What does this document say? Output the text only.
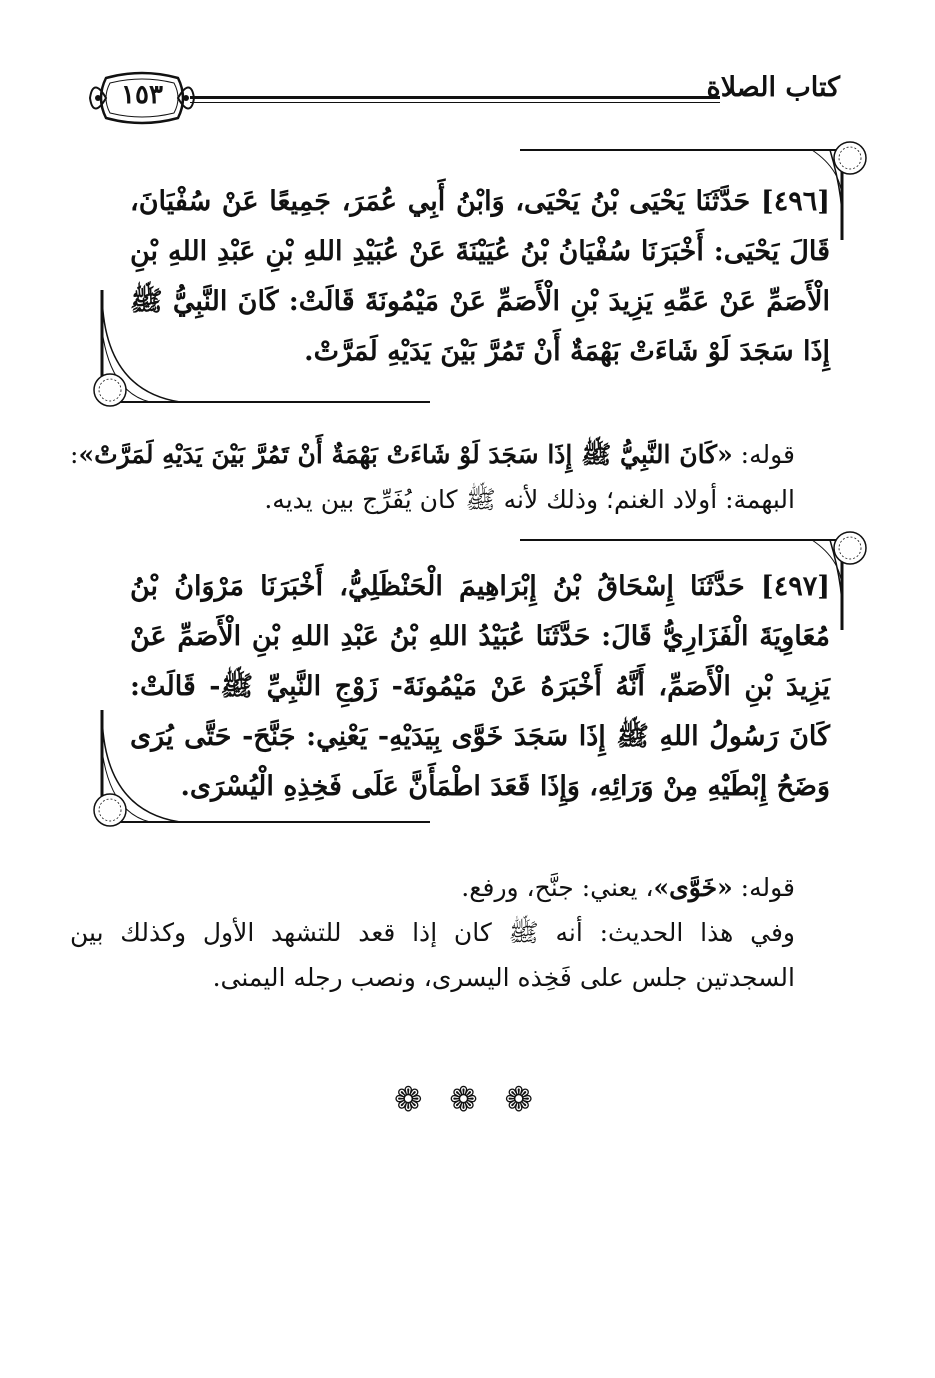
كتاب الصلاة
١٥٣
[٤٩٦] حَدَّثَنَا يَحْيَى بْنُ يَحْيَى، وَابْنُ أَبِي عُمَرَ، جَمِيعًا عَنْ سُفْيَانَ، قَالَ يَحْيَى: أَخْبَرَنَا سُفْيَانُ بْنُ عُيَيْنَةَ عَنْ عُبَيْدِ اللهِ بْنِ عَبْدِ اللهِ بْنِ الْأَصَمِّ عَنْ عَمِّهِ يَزِيدَ بْنِ الْأَصَمِّ عَنْ مَيْمُونَةَ قَالَتْ: كَانَ النَّبِيُّ ﷺ إِذَا سَجَدَ لَوْ شَاءَتْ بَهْمَةٌ أَنْ تَمُرَّ بَيْنَ يَدَيْهِ لَمَرَّتْ.

قوله: «كَانَ النَّبِيُّ ﷺ إِذَا سَجَدَ لَوْ شَاءَتْ بَهْمَةٌ أَنْ تَمُرَّ بَيْنَ يَدَيْهِ لَمَرَّتْ»: البهمة: أولاد الغنم؛ وذلك لأنه ﷺ كان يُفَرِّج بين يديه.

[٤٩٧] حَدَّثَنَا إِسْحَاقُ بْنُ إِبْرَاهِيمَ الْحَنْظَلِيُّ، أَخْبَرَنَا مَرْوَانُ بْنُ مُعَاوِيَةَ الْفَزَارِيُّ قَالَ: حَدَّثَنَا عُبَيْدُ اللهِ بْنُ عَبْدِ اللهِ بْنِ الْأَصَمِّ عَنْ يَزِيدَ بْنِ الْأَصَمِّ، أَنَّهُ أَخْبَرَهُ عَنْ مَيْمُونَةَ- زَوْجِ النَّبِيِّ ﷺ- قَالَتْ: كَانَ رَسُولُ اللهِ ﷺ إِذَا سَجَدَ خَوَّى بِيَدَيْهِ- يَعْنِي: جَنَّحَ- حَتَّى يُرَى وَضَحُ إِبْطَيْهِ مِنْ وَرَائِهِ، وَإِذَا قَعَدَ اطْمَأَنَّ عَلَى فَخِذِهِ الْيُسْرَى.

قوله: «خَوَّى»، يعني: جنَّح، ورفع.

وفي هذا الحديث: أنه ﷺ كان إذا قعد للتشهد الأول وكذلك بين السجدتين جلس على فَخِذه اليسرى، ونصب رجله اليمنى.

❁ ❁ ❁
